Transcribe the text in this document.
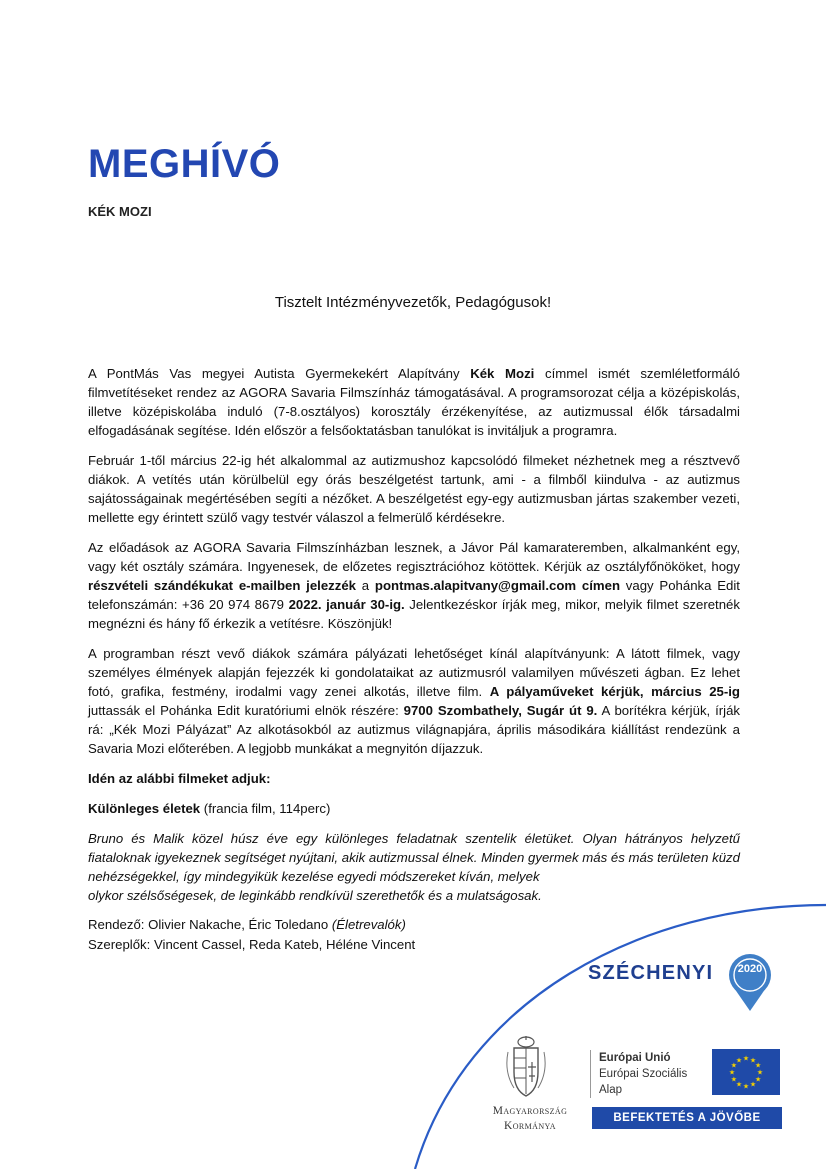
MEGHÍVÓ
KÉK MOZI
Tisztelt Intézményvezetők, Pedagógusok!

A PontMás Vas megyei Autista Gyermekekért Alapítvány Kék Mozi címmel ismét szemléletformáló filmvetítéseket rendez az AGORA Savaria Filmszínház támogatásával. A programsorozat célja a középiskolás, illetve középiskolába induló (7-8.osztályos) korosztály érzékenyítése, az autizmussal élők társadalmi elfogadásának segítése. Idén először a felsőoktatásban tanulókat is invitáljuk a programra.

Február 1-től március 22-ig hét alkalommal az autizmushoz kapcsolódó filmeket nézhetnek meg a résztvevő diákok. A vetítés után körülbelül egy órás beszélgetést tartunk, ami - a filmből kiindulva - az autizmus sajátosságainak megértésében segíti a nézőket. A beszélgetést egy-egy autizmusban jártas szakember vezeti, mellette egy érintett szülő vagy testvér válaszol a felmerülő kérdésekre.

Az előadások az AGORA Savaria Filmszínházban lesznek, a Jávor Pál kamarateremben, alkalmanként egy, vagy két osztály számára. Ingyenesek, de előzetes regisztrációhoz kötöttek. Kérjük az osztályfőnököket, hogy részvételi szándékukat e-mailben jelezzék a pontmas.alapitvany@gmail.com címen vagy Pohánka Edit telefonszámán: +36 20 974 8679 2022. január 30-ig. Jelentkezéskor írják meg, mikor, melyik filmet szeretnék megnézni és hány fő érkezik a vetítésre. Köszönjük!

A programban részt vevő diákok számára pályázati lehetőséget kínál alapítványunk: A látott filmek, vagy személyes élmények alapján fejezzék ki gondolataikat az autizmusról valamilyen művészeti ágban. Ez lehet fotó, grafika, festmény, irodalmi vagy zenei alkotás, illetve film. A pályaműveket kérjük, március 25-ig juttassák el Pohánka Edit kuratóriumi elnök részére: 9700 Szombathely, Sugár út 9. A borítékra kérjük, írják rá: „Kék Mozi Pályázat” Az alkotásokból az autizmus világnapjára, április másodikára kiállítást rendezünk a Savaria Mozi előterében. A legjobb munkákat a megnyitón díjazzuk.

Idén az alábbi filmeket adjuk:

Különleges életek (francia film, 114perc)

Bruno és Malik közel húsz éve egy különleges feladatnak szentelik életüket. Olyan hátrányos helyzetű fiataloknak igyekeznek segítséget nyújtani, akik autizmussal élnek. Minden gyermek más és más területen küzd nehézségekkel, így mindegyikük kezelése egyedi módszereket kíván, melyek
olykor szélsőségesek, de leginkább rendkívül szerethetők és a mulatságosak.
Rendező: Olivier Nakache, Éric Toledano (Életrevalók)
Szereplők: Vincent Cassel, Reda Kateb, Héléne Vincent
SZÉCHENYI	2020
Magyarország
Kormánya
Európai Unió
Európai Szociális
Alap
★ ★
★
★
★
★
★
★
★
★
★
★
BEFEKTETÉS A JÖVŐBE
